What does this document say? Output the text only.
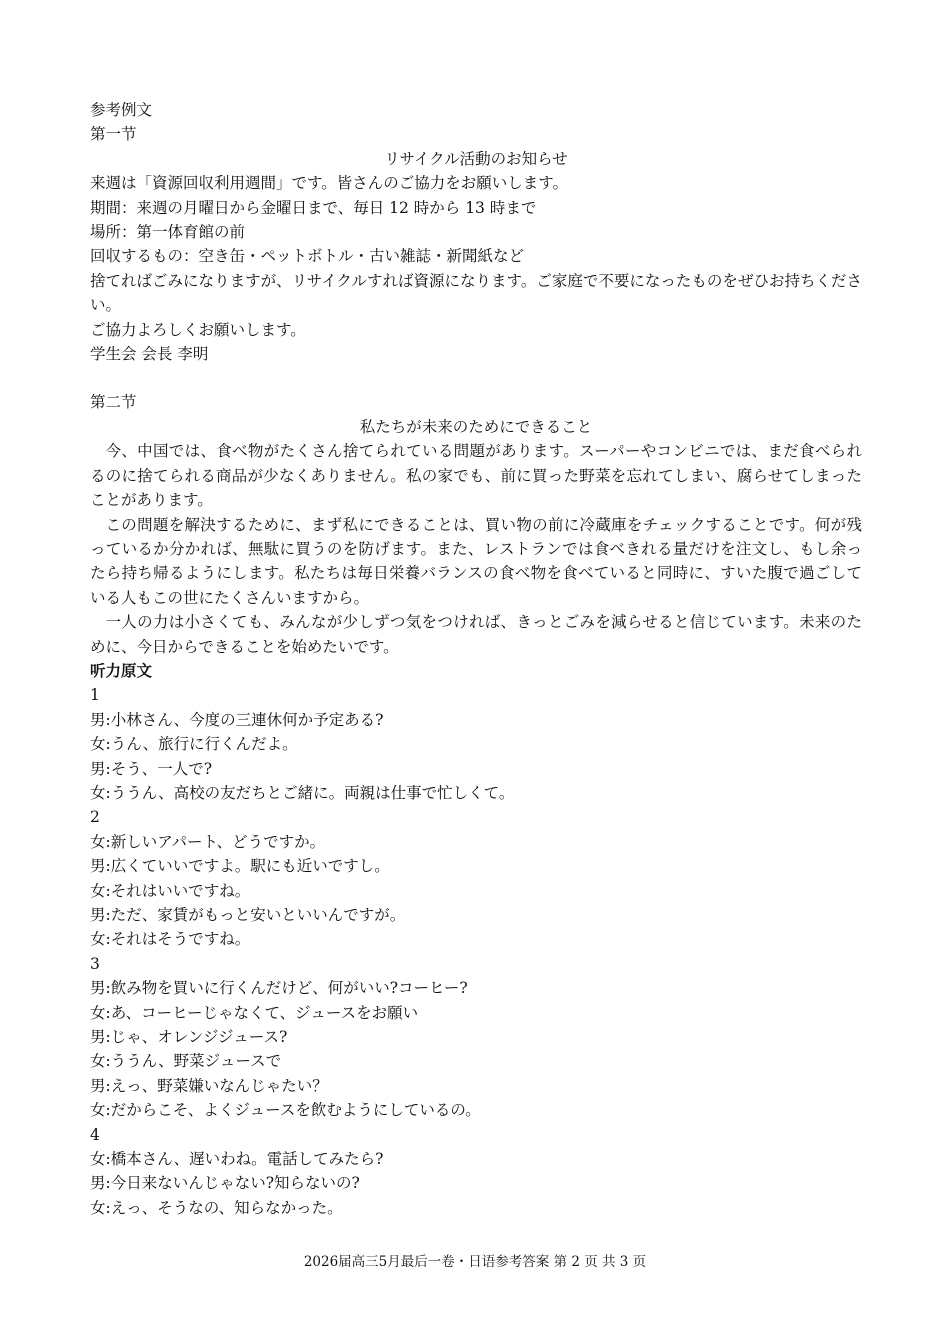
参考例文
第一节
リサイクル活動のお知らせ
来週は「資源回収利用週間」です。皆さんのご協力をお願いします。
期間：来週の月曜日から金曜日まで、毎日 12 時から 13 時まで
場所：第一体育館の前
回収するもの：空き缶・ペットボトル・古い雑誌・新聞紙など
捨てればごみになりますが、リサイクルすれば資源になります。ご家庭で不要になったものをぜひお持ちください。
ご協力よろしくお願いします。
学生会 会長 李明
第二节
私たちが未来のためにできること
今、中国では、食べ物がたくさん捨てられている問題があります。スーパーやコンビニでは、まだ食べられるのに捨てられる商品が少なくありません。私の家でも、前に買った野菜を忘れてしまい、腐らせてしまったことがあります。
この問題を解決するために、まず私にできることは、買い物の前に冷蔵庫をチェックすることです。何が残っているか分かれば、無駄に買うのを防げます。また、レストランでは食べきれる量だけを注文し、もし余ったら持ち帰るようにします。私たちは毎日栄養バランスの食べ物を食べていると同時に、すいた腹で過ごしている人もこの世にたくさんいますから。
一人の力は小さくても、みんなが少しずつ気をつければ、きっとごみを減らせると信じています。未来のために、今日からできることを始めたいです。
听力原文
1
男:小林さん、今度の三連休何か予定ある?
女:うん、旅行に行くんだよ。
男:そう、一人で?
女:ううん、高校の友だちとご緒に。両親は仕事で忙しくて。
2
女:新しいアパート、どうですか。
男:広くていいですよ。駅にも近いですし。
女:それはいいですね。
男:ただ、家賃がもっと安いといいんですが。
女:それはそうですね。
3
男:飲み物を買いに行くんだけど、何がいい?コーヒー?
女:あ、コーヒーじゃなくて、ジュースをお願い
男:じゃ、オレンジジュース?
女:ううん、野菜ジュースで
男:えっ、野菜嫌いなんじゃたい？
女:だからこそ、よくジュースを飲むようにしているの。
4
女:橋本さん、遅いわね。電話してみたら?
男:今日来ないんじゃない?知らないの?
女:えっ、そうなの、知らなかった。
2026届高三5月最后一卷・日语参考答案 第 2 页 共 3 页
